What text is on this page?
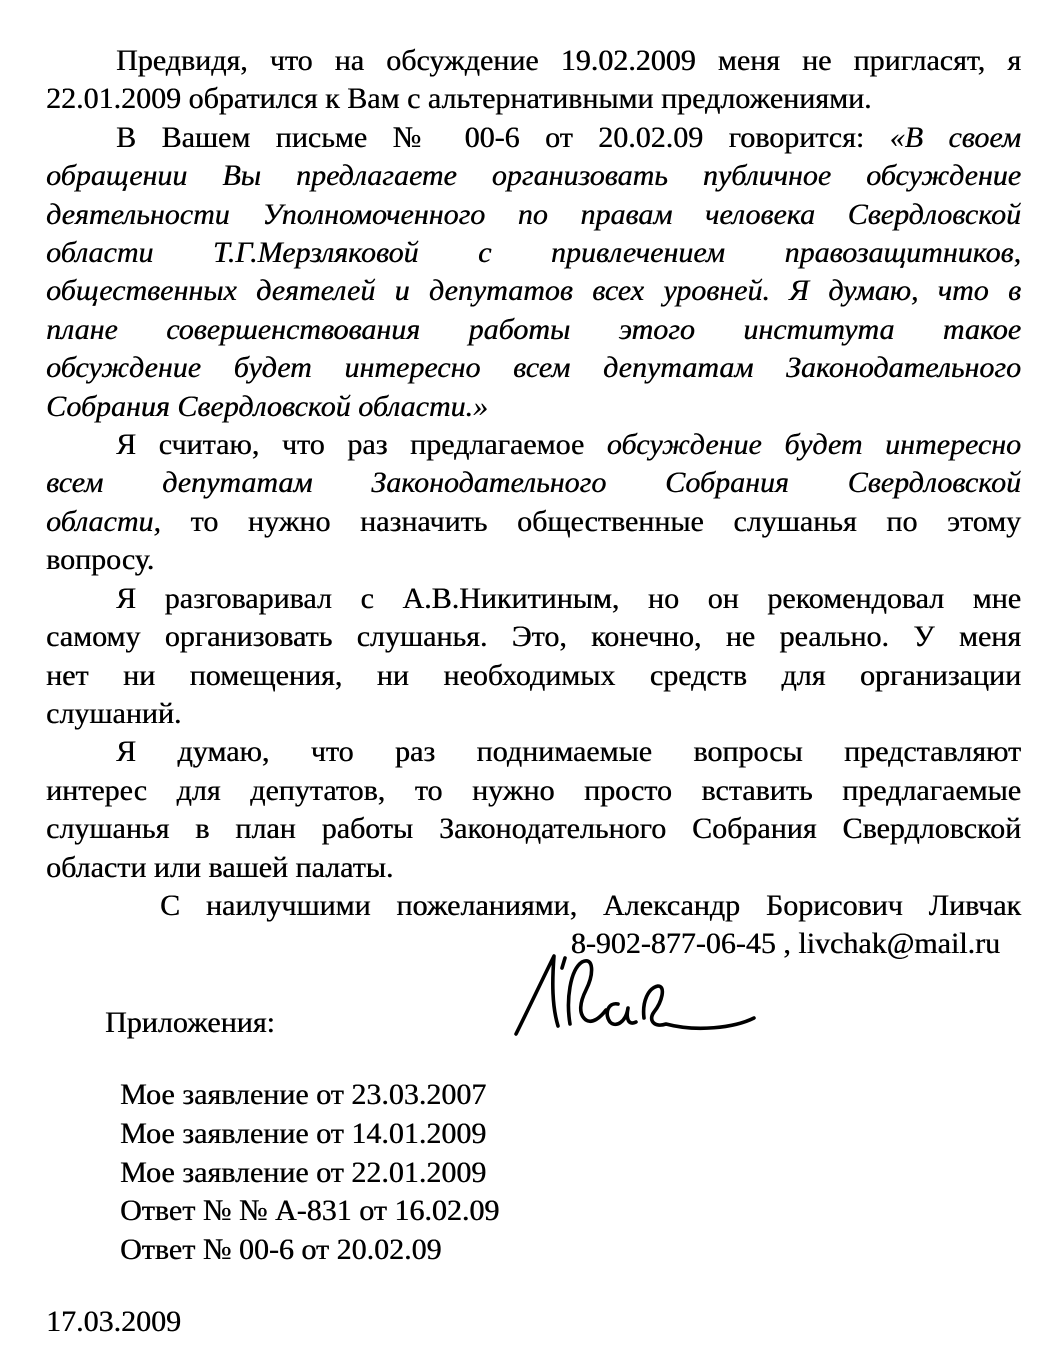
Предвидя, что на обсуждение 19.02.2009 меня не пригласят, я
22.01.2009 обратился к Вам с альтернативными предложениями.
В Вашем письме № 00-6 от 20.02.09 говорится: «В своем
обращении Вы предлагаете организовать публичное обсуждение
деятельности Уполномоченного по правам человека Свердловской
области Т.Г.Мерзляковой с привлечением правозащитников,
общественных деятелей и депутатов всех уровней. Я думаю, что в
плане совершенствования работы этого института такое
обсуждение будет интересно всем депутатам Законодательного
Собрания Свердловской области.»
Я считаю, что раз предлагаемое обсуждение будет интересно
всем депутатам Законодательного Собрания Свердловской
области, то нужно назначить общественные слушанья по этому
вопросу.
Я разговаривал с А.В.Никитиным, но он рекомендовал мне
самому организовать слушанья. Это, конечно, не реально. У меня
нет ни помещения, ни необходимых средств для организации
слушаний.
Я думаю, что раз поднимаемые вопросы представляют
интерес для депутатов, то нужно просто вставить предлагаемые
слушанья в план работы Законодательного Собрания Свердловской
области или вашей палаты.
С наилучшими пожеланиями, Александр Борисович Ливчак
8-902-877-06-45 , livchak@mail.ru
Приложения:
Мое заявление от 23.03.2007
Мое заявление от 14.01.2009
Мое заявление от 22.01.2009
Ответ № № А-831 от 16.02.09
Ответ № 00-6 от 20.02.09
17.03.2009
